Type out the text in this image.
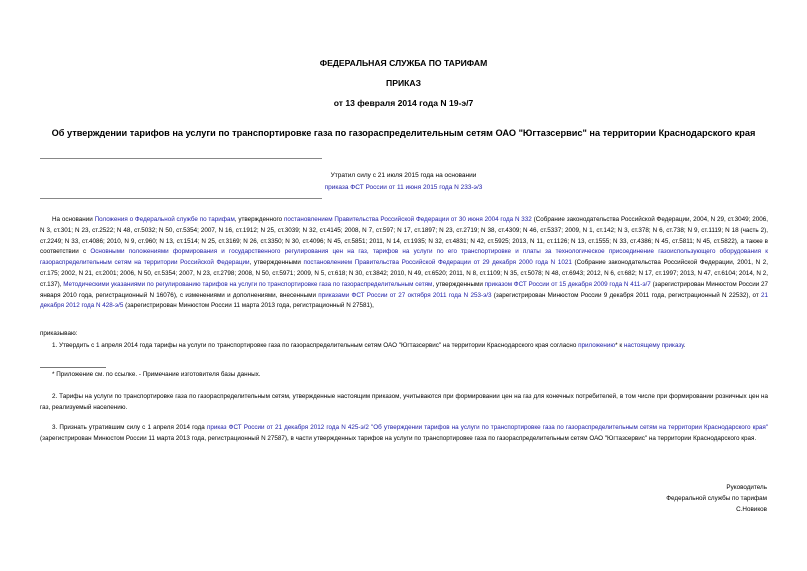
ФЕДЕРАЛЬНАЯ СЛУЖБА ПО ТАРИФАМ
ПРИКАЗ
от 13 февраля 2014 года N 19-э/7
Об утверждении тарифов на услуги по транспортировке газа по газораспределительным сетям ОАО "Югтазсервис" на территории Краснодарского края
Утратил силу с 21 июля 2015 года на основании
приказа ФСТ России от 11 июня 2015 года N 233-э/3
На основании Положения о Федеральной службе по тарифам, утвержденного постановлением Правительства Российской Федерации от 30 июня 2004 года N 332 (Собрание законодательства Российской Федерации, 2004, N 29, ст.3049; 2006, N 3, ст.301; N 23, ст.2522; N 48, ст.5032; N 50, ст.5354; 2007, N 16, ст.1912; N 25, ст.3039; N 32, ст.4145; 2008, N 7, ст.597; N 17, ст.1897; N 23, ст.2719; N 38, ст.4309; N 46, ст.5337; 2009, N 1, ст.142; N 3, ст.378; N 6, ст.738; N 9, ст.1119; N 18 (часть 2), ст.2249; N 33, ст.4086; 2010, N 9, ст.960; N 13, ст.1514; N 25, ст.3169; N 26, ст.3350; N 30, ст.4096; N 45, ст.5851; 2011, N 14, ст.1935; N 32, ст.4831; N 42, ст.5925; 2013, N 11, ст.1126; N 13, ст.1555; N 33, ст.4386; N 45, ст.5811; N 45, ст.5822), а также в соответствии с Основными положениями формирования и государственного регулирования цен на газ, тарифов на услуги по его транспортировке и платы за технологическое присоединение газоиспользующего оборудования к газораспределительным сетям на территории Российской Федерации, утвержденными постановлением Правительства Российской Федерации от 29 декабря 2000 года N 1021 (Собрание законодательства Российской Федерации, 2001, N 2, ст.175; 2002, N 21, ст.2001; 2006, N 50, ст.5354; 2007, N 23, ст.2798; 2008, N 50, ст.5971; 2009, N 5, ст.618; N 30, ст.3842; 2010, N 49, ст.6520; 2011, N 8, ст.1109; N 35, ст.5078; N 48, ст.6943; 2012, N 6, ст.682; N 17, ст.1997; 2013, N 47, ст.6104; 2014, N 2, ст.137), Методическими указаниями по регулированию тарифов на услуги по транспортировке газа по газораспределительным сетям, утвержденными приказом ФСТ России от 15 декабря 2009 года N 411-э/7 (зарегистрирован Минюстом России 27 января 2010 года, регистрационный N 16076), с изменениями и дополнениями, внесенными приказами ФСТ России от 27 октября 2011 года N 253-э/3 (зарегистрирован Минюстом России 9 декабря 2011 года, регистрационный N 22532), от 21 декабря 2012 года N 428-э/5 (зарегистрирован Минюстом России 11 марта 2013 года, регистрационный N 27581),
приказываю:
1. Утвердить с 1 апреля 2014 года тарифы на услуги по транспортировке газа по газораспределительным сетям ОАО "Югтазсервис" на территории Краснодарского края согласно приложению* к настоящему приказу.
* Приложение см. по ссылке. - Примечание изготовителя базы данных.
2. Тарифы на услуги по транспортировке газа по газораспределительным сетям, утвержденные настоящим приказом, учитываются при формировании цен на газ для конечных потребителей, в том числе при формировании розничных цен на газ, реализуемый населению.
3. Признать утратившим силу с 1 апреля 2014 года приказ ФСТ России от 21 декабря 2012 года N 425-э/2 "Об утверждении тарифов на услуги по транспортировке газа по газораспределительным сетям на территории Краснодарского края" (зарегистрирован Минюстом России 11 марта 2013 года, регистрационный N 27587), в части утвержденных тарифов на услуги по транспортировке газа по газораспределительным сетям ОАО "Югтазсервис" на территории Краснодарского края.
Руководитель
Федеральной службы по тарифам
С.Новиков
